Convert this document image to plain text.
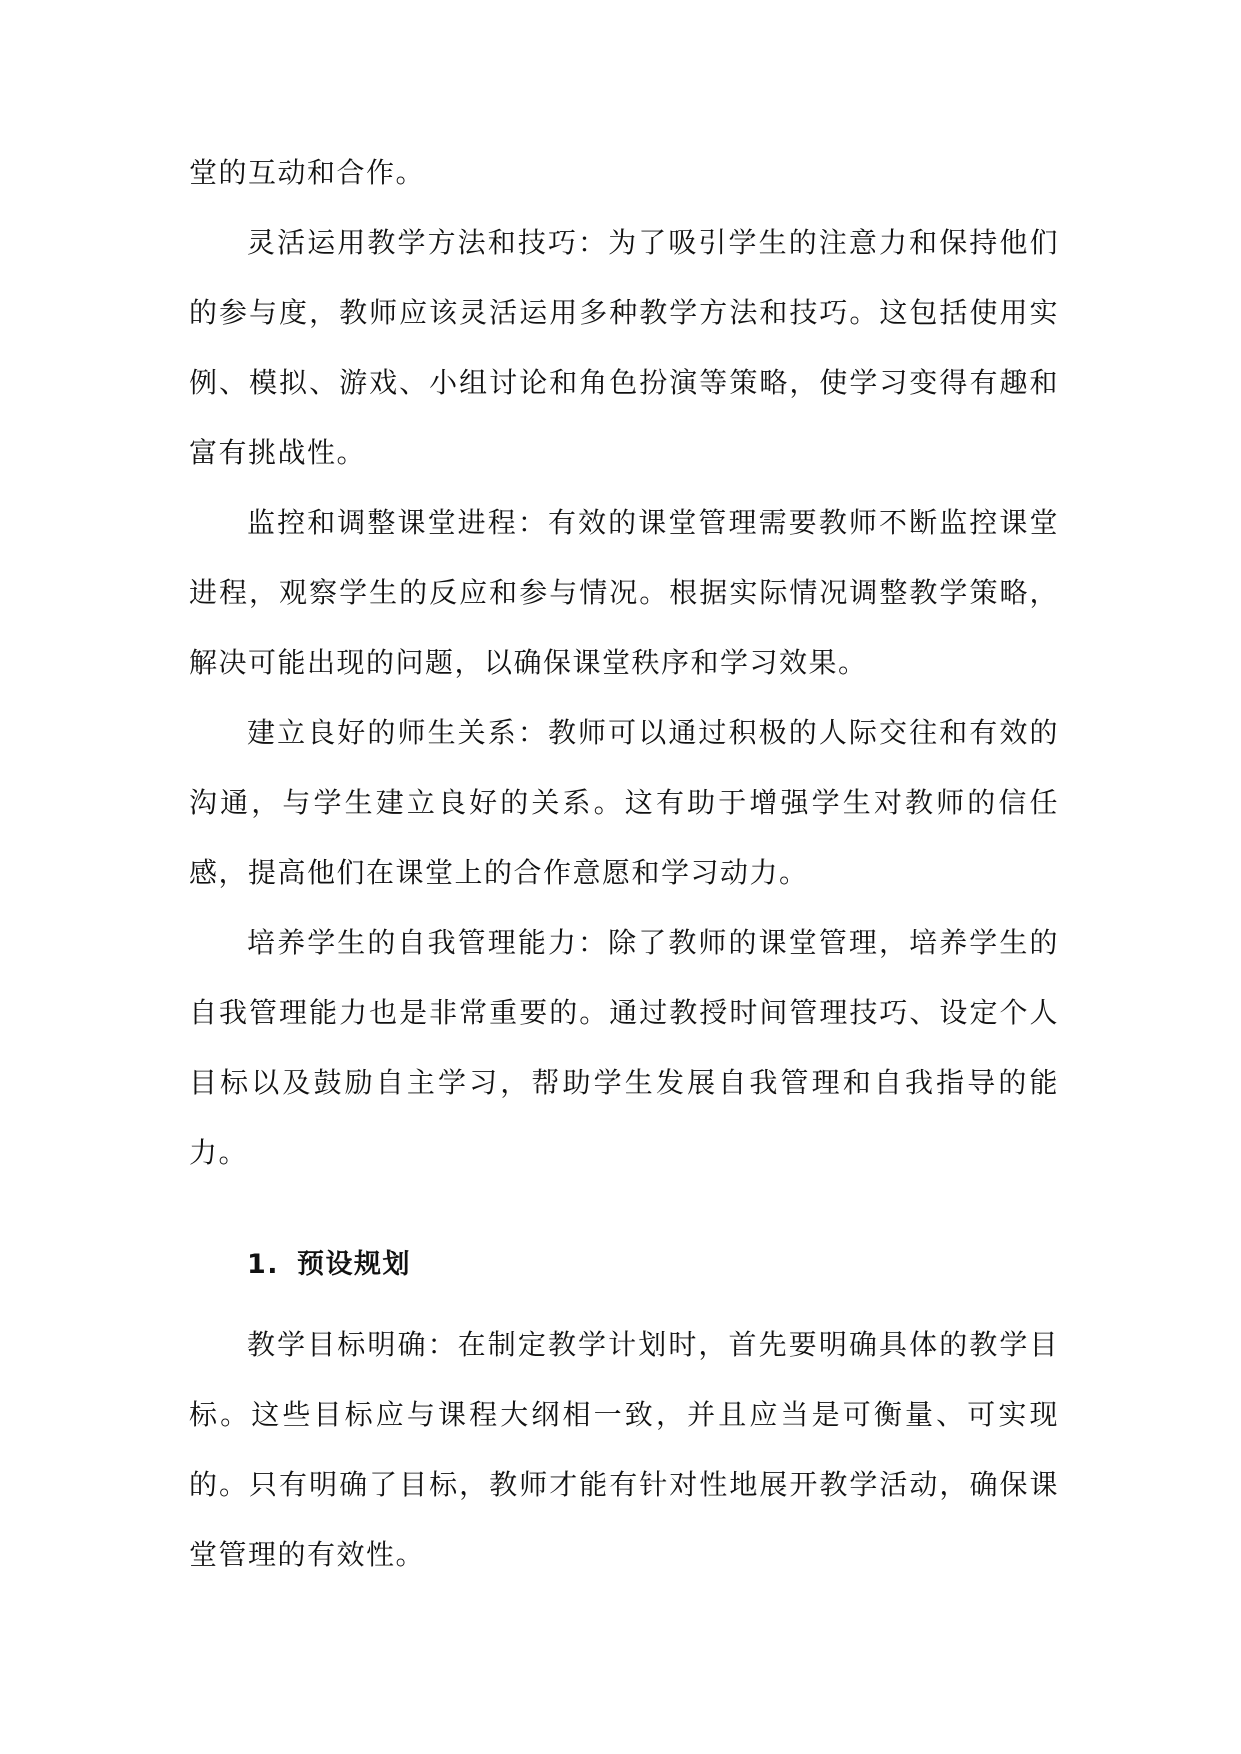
堂的互动和合作。

灵活运用教学方法和技巧：为了吸引学生的注意力和保持他们的参与度，教师应该灵活运用多种教学方法和技巧。这包括使用实例、模拟、游戏、小组讨论和角色扮演等策略，使学习变得有趣和富有挑战性。

监控和调整课堂进程：有效的课堂管理需要教师不断监控课堂进程，观察学生的反应和参与情况。根据实际情况调整教学策略，解决可能出现的问题，以确保课堂秩序和学习效果。

建立良好的师生关系：教师可以通过积极的人际交往和有效的沟通，与学生建立良好的关系。这有助于增强学生对教师的信任感，提高他们在课堂上的合作意愿和学习动力。

培养学生的自我管理能力：除了教师的课堂管理，培养学生的自我管理能力也是非常重要的。通过教授时间管理技巧、设定个人目标以及鼓励自主学习，帮助学生发展自我管理和自我指导的能力。

1. 预设规划

教学目标明确：在制定教学计划时，首先要明确具体的教学目标。这些目标应与课程大纲相一致，并且应当是可衡量、可实现的。只有明确了目标，教师才能有针对性地展开教学活动，确保课堂管理的有效性。
